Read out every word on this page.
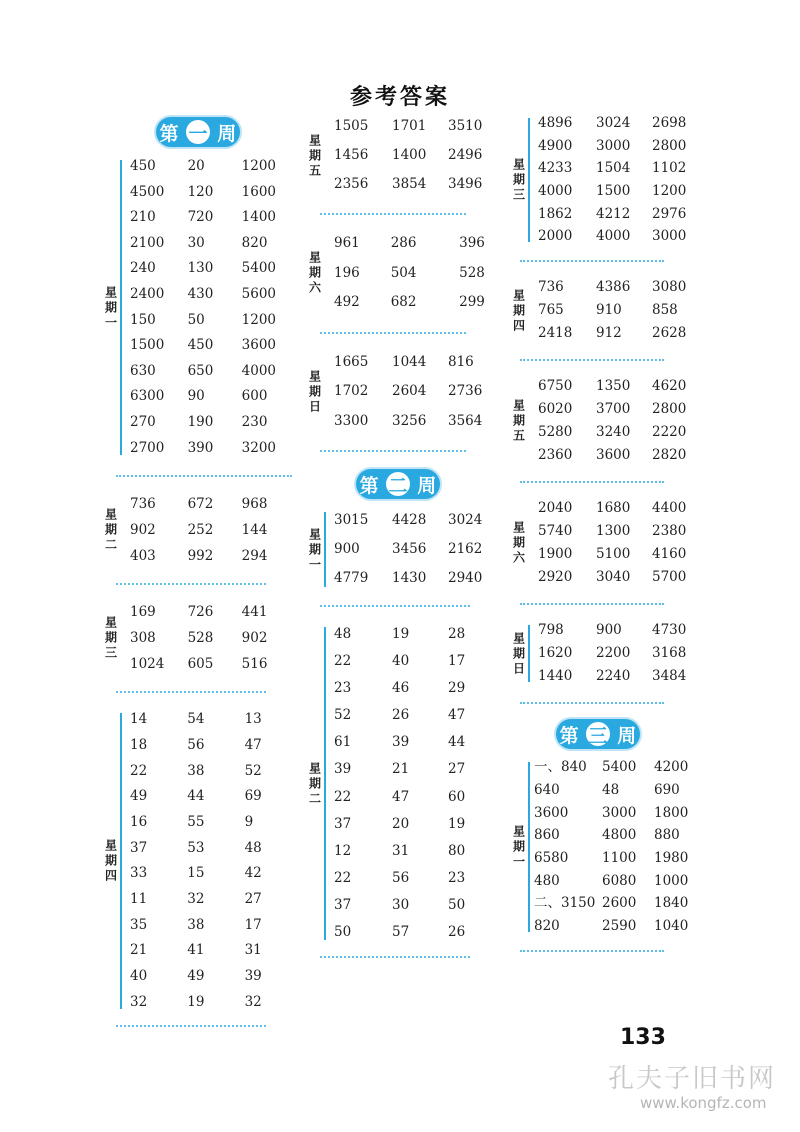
参考答案
第 一 周
星期一
450	20	1200
4500	120	1600
210	720	1400
2100	30	820
240	130	5400
2400	430	5600
150	50	1200
1500	450	3600
630	650	4000
6300	90	600
270	190	230
2700	390	3200
星期二
736	672	968
902	252	144
403	992	294
星期三
169	726	441
308	528	902
1024	605	516
星期四
14	54	13
18	56	47
22	38	52
49	44	69
16	55	9
37	53	48
33	15	42
11	32	27
35	38	17
21	41	31
40	49	39
32	19	32
星期五
1505	1701	3510
1456	1400	2496
2356	3854	3496
星期六
961	286	396
196	504	528
492	682	299
星期日
1665	1044	816
1702	2604	2736
3300	3256	3564
第 二 周
星期一
3015	4428	3024
900	3456	2162
4779	1430	2940
星期二
48	19	28
22	40	17
23	46	29
52	26	47
61	39	44
39	21	27
22	47	60
37	20	19
12	31	80
22	56	23
37	30	50
50	57	26
星期三
4896	3024	2698
4900	3000	2800
4233	1504	1102
4000	1500	1200
1862	4212	2976
2000	4000	3000
星期四
736	4386	3080
765	910	858
2418	912	2628
星期五
6750	1350	4620
6020	3700	2800
5280	3240	2220
2360	3600	2820
星期六
2040	1680	4400
5740	1300	2380
1900	5100	4160
2920	3040	5700
星期日
798	900	4730
1620	2200	3168
1440	2240	3484
第 三 周
星期一
一、840	5400	4200
640	48	690
3600	3000	1800
860	4800	880
6580	1100	1980
480	6080	1000
二、3150 2600	1840
820	2590	1040
133
孔夫子旧书网
www.kongfz.com
